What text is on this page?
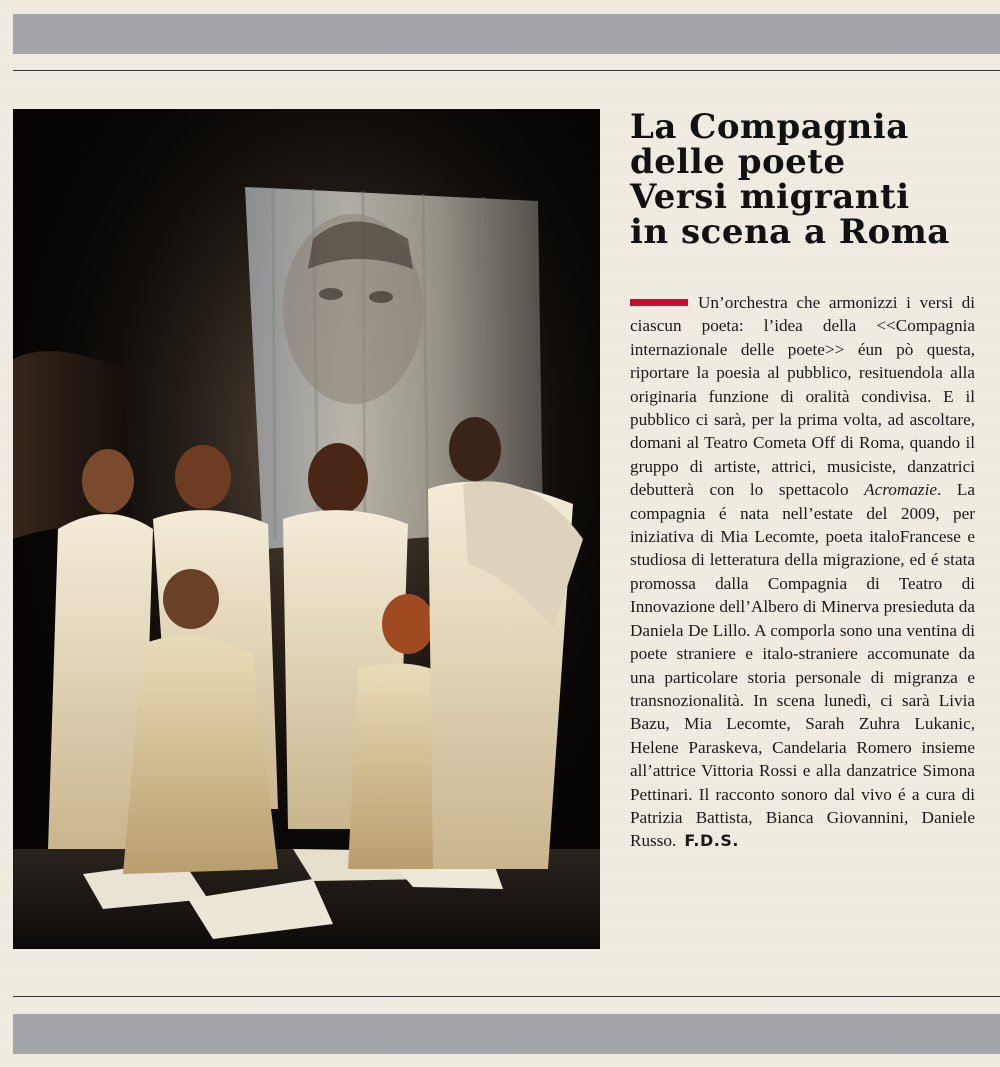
La Compagnia
delle poete
Versi migranti
in scena a Roma

Un’orchestra che armonizzi i versi di ciascun poeta: l’idea della <<Compagnia internazionale delle poete>> éun pò questa, riportare la poesia al pubblico, resituendola alla originaria funzione di oralità condivisa. E il pubblico ci sarà, per la prima volta, ad ascoltare, domani al Teatro Cometa Off di Roma, quando il gruppo di artiste, attrici, musiciste, danzatrici debutterà con lo spettacolo Acromazie. La compagnia é nata nell’estate del 2009, per iniziativa di Mia Lecomte, poeta italoFrancese e studiosa di letteratura della migrazione, ed é stata promossa dalla Compagnia di Teatro di Innovazione dell’Albero di Minerva presieduta da Daniela De Lillo. A comporla sono una ventina di poete straniere e italo-straniere accomunate da una particolare storia personale di migranza e transnozionalità. In scena lunedì, ci sarà Livia Bazu, Mia Lecomte, Sarah Zuhra Lukanic, Helene Paraskeva, Candelaria Romero insieme all’attrice Vittoria Rossi e alla danzatrice Simona Pettinari. Il racconto sonoro dal vivo é a cura di Patrizia Battista, Bianca Giovannini, Daniele Russo. F.D.S.
